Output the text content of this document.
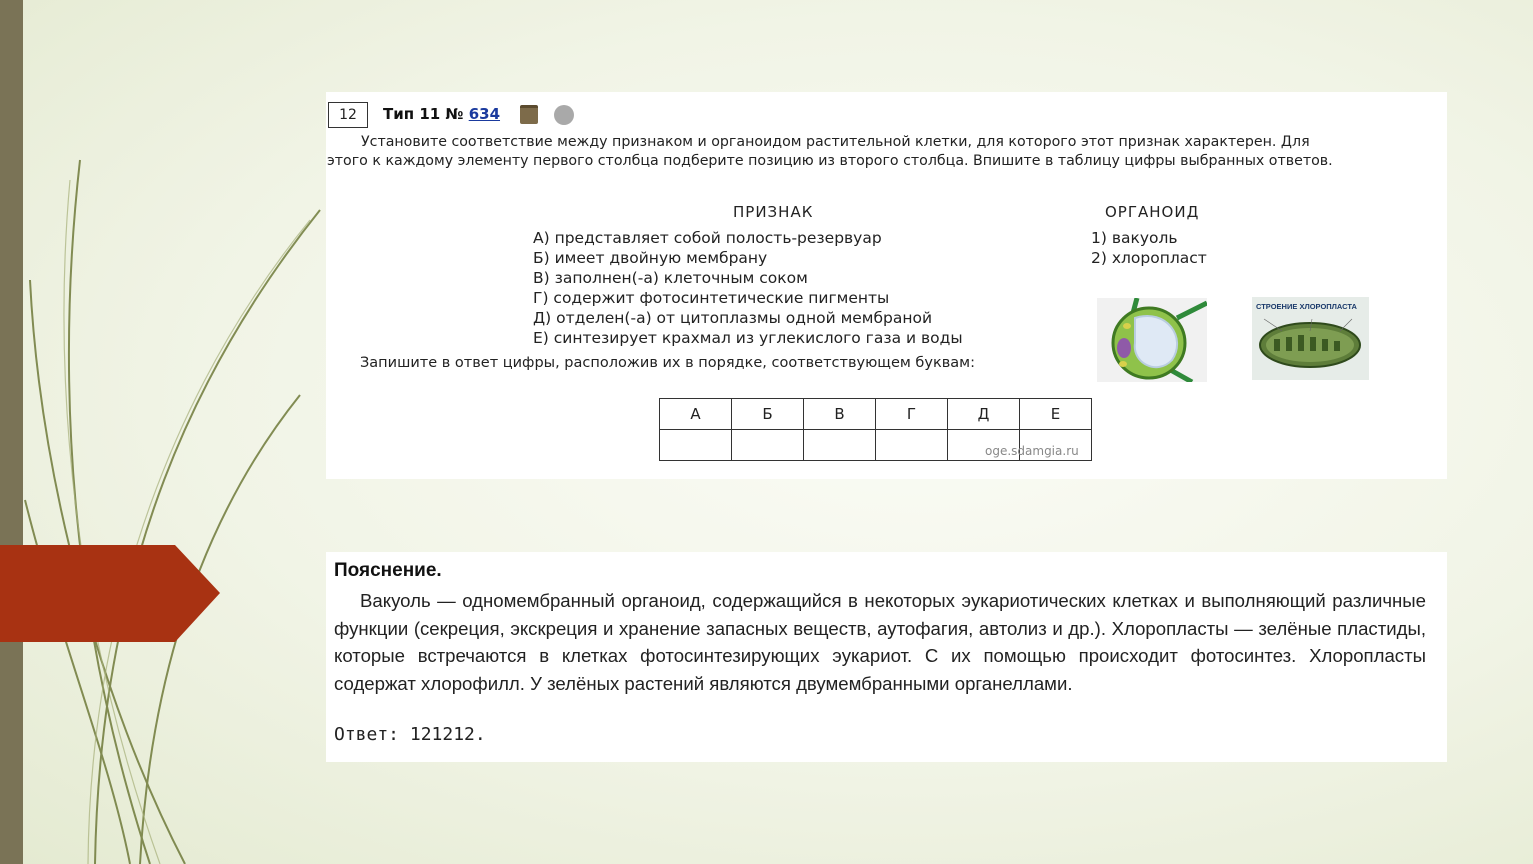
12	Тип 11 № 634
Установите соответствие между признаком и органоидом растительной клетки, для которого этот признак характерен. Для
этого к каждому элементу первого столбца подберите позицию из второго столбца. Впишите в таблицу цифры выбранных ответов.
ПРИЗНАК	ОРГАНОИД
А) представляет собой полость-резервуар
Б) имеет двойную мембрану
В) заполнен(-а) клеточным соком
Г) содержит фотосинтетические пигменты
Д) отделен(-а) от цитоплазмы одной мембраной
Е) синтезирует крахмал из углекислого газа и воды
1) вакуоль
2) хлоропласт
СТРОЕНИЕ ХЛОРОПЛАСТА
Запишите в ответ цифры, расположив их в порядке, соответствующем буквам:
А	Б	В	Г	Д	Е

oge.sdamgia.ru
Пояснение.
Вакуоль — одномембранный органоид, содержащийся в некоторых эукариотических клетках и выполняющий различные функции (секреция, экскреция и хранение запасных веществ, аутофагия, автолиз и др.). Хлоропласты — зелёные пластиды, которые встречаются в клетках фотосинтезирующих эукариот. С их помощью происходит фотосинтез. Хлоропласты содержат хлорофилл. У зелёных растений являются двумембранными органеллами.
Ответ: 121212.
